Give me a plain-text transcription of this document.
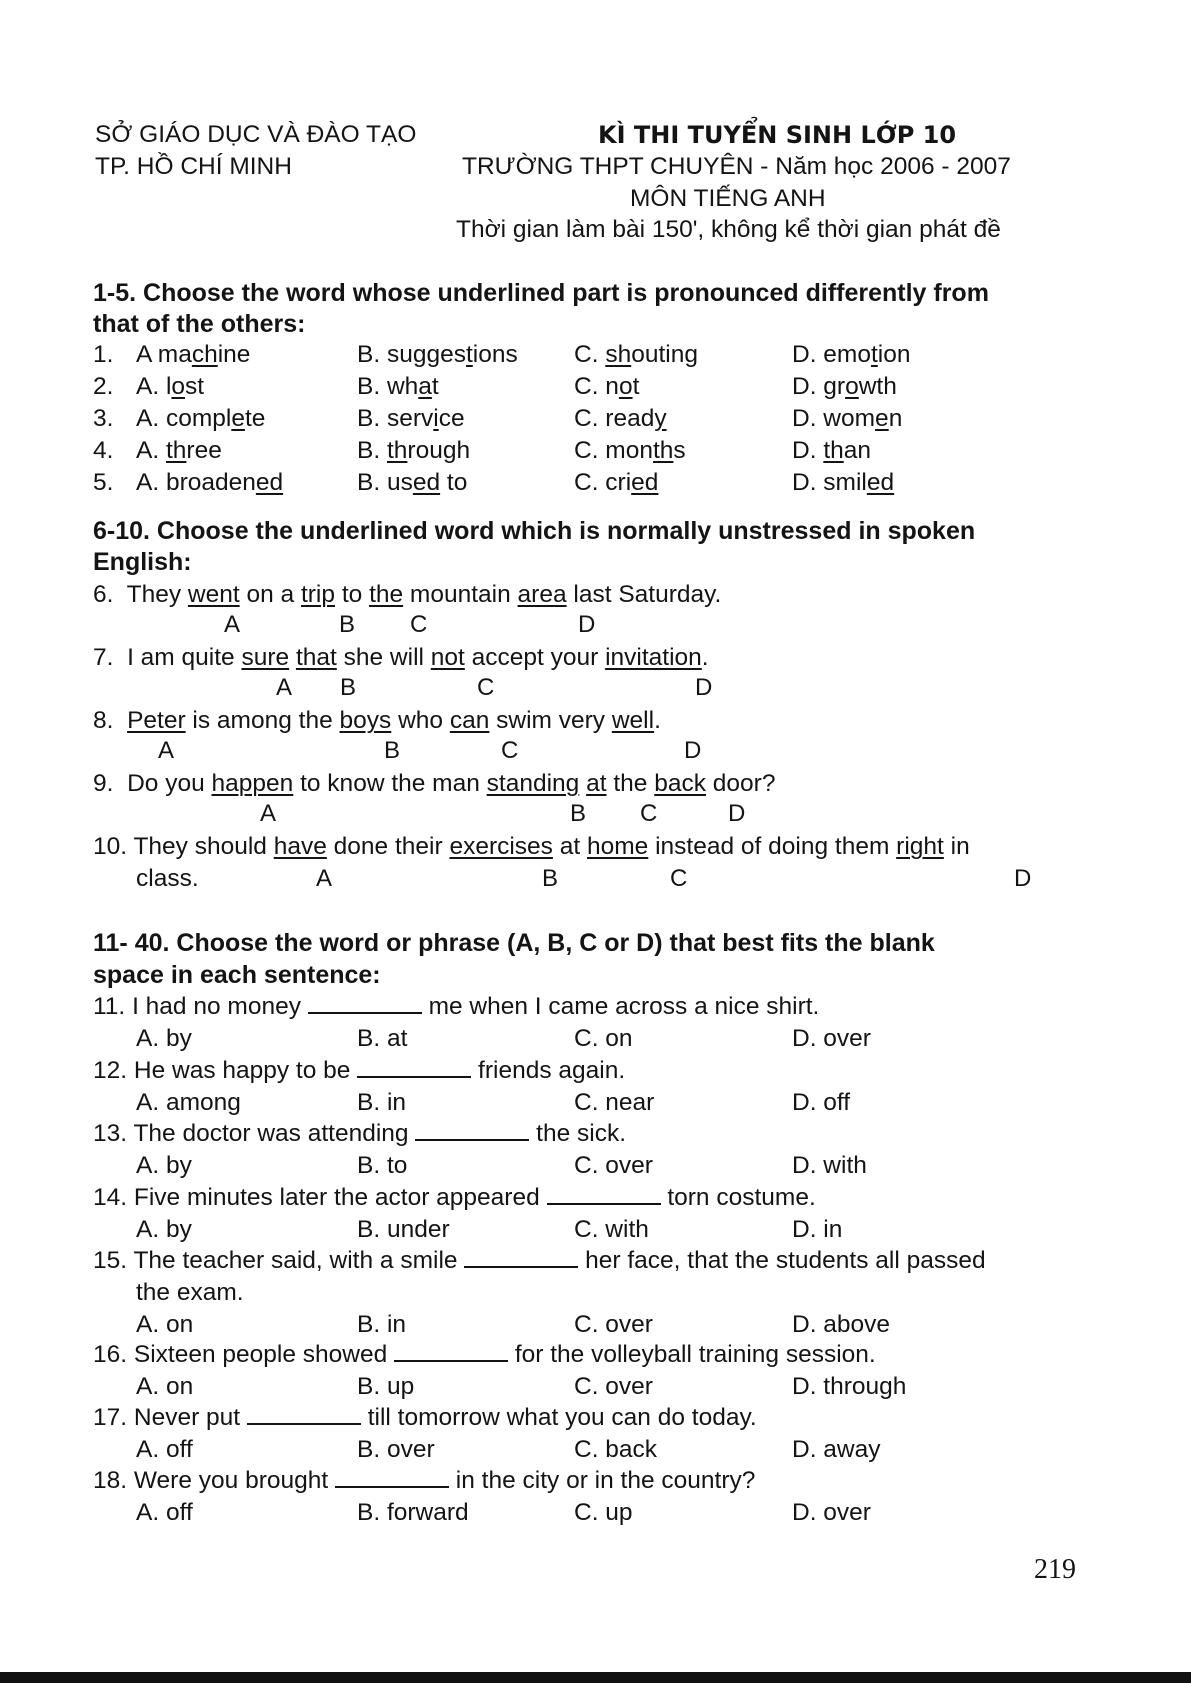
SỞ GIÁO DỤC VÀ ĐÀO TẠO
TP. HỒ CHÍ MINH
KÌ THI TUYỂN SINH LỚP 10
TRƯỜNG THPT CHUYÊN - Năm học 2006 - 2007
MÔN TIẾNG ANH
Thời gian làm bài 150', không kể thời gian phát đề
1-5. Choose the word whose underlined part is pronounced differently from
that of the others:
1. A machine	B. suggestions C. shouting	D. emotion
2. A. lost	B. what	C. not	D. growth
3. A. complete	B. service	C. ready	D. women
4. A. three	B. through	C. months	D. than
5. A. broadened	B. used to	C. cried	D. smiled
6-10. Choose the underlined word which is normally unstressed in spoken
English:
6. They went on a trip to the mountain area last Saturday.
A	B C	D
7. I am quite sure that she will not accept your invitation.
A B	C	D
8. Peter is among the boys who can swim very well.
A	B	C	D
9. Do you happen to know the man standing at the back door?
A	B C	D
10. They should have done their exercises at home instead of doing them right in
class.	A	B	C	D
11- 40. Choose the word or phrase (A, B, C or D) that best fits the blank
space in each sentence:
11. I had no money	me when I came across a nice shirt.
A. by	B. at	C. on	D. over
12. He was happy to be	friends again.
A. among	B. in	C. near	D. off
13. The doctor was attending	the sick.
A. by	B. to	C. over	D. with
14. Five minutes later the actor appeared	torn costume.
A. by	B. under	C. with	D. in
15. The teacher said, with a smile	her face, that the students all passed
the exam.
A. on	B. in	C. over	D. above
16. Sixteen people showed	for the volleyball training session.
A. on	B. up	C. over	D. through
17. Never put	till tomorrow what you can do today.
A. off	B. over	C. back	D. away
18. Were you brought	in the city or in the country?
A. off	B. forward	C. up	D. over
219
